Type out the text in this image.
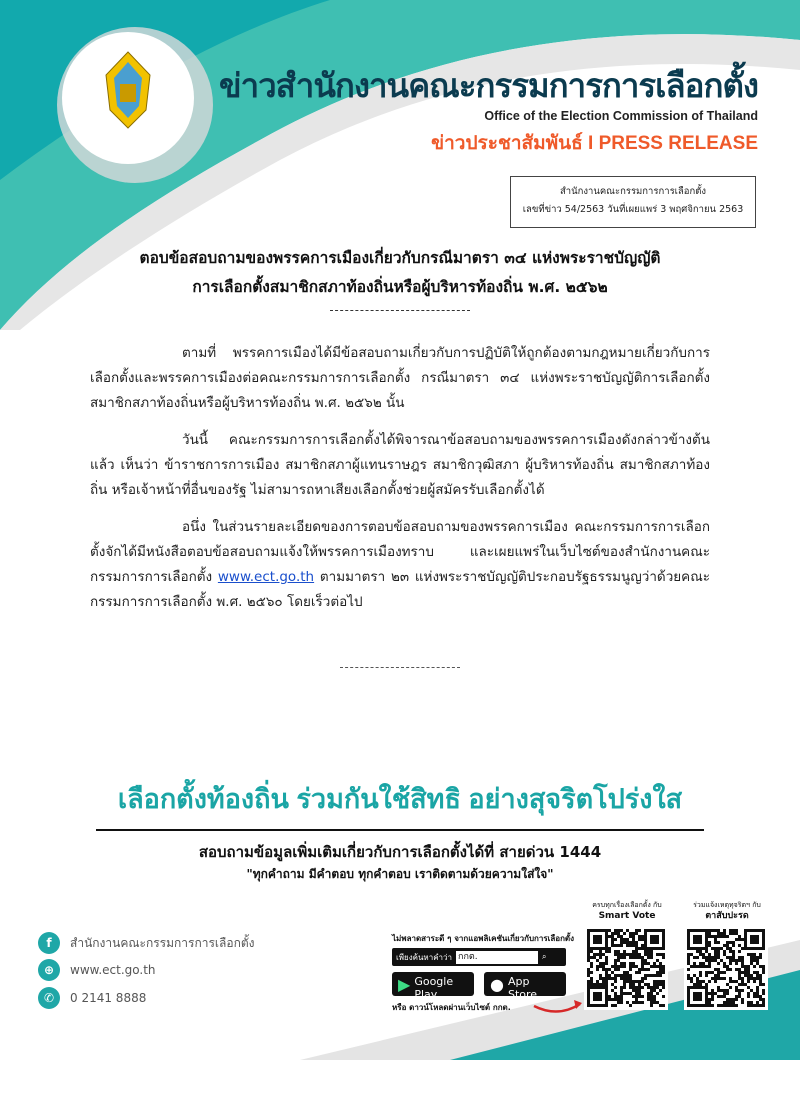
ข่าวสำนักงานคณะกรรมการการเลือกตั้ง
Office of the Election Commission of Thailand
ข่าวประชาสัมพันธ์ I PRESS RELEASE
สำนักงานคณะกรรมการการเลือกตั้ง
เลขที่ข่าว 54/2563 วันที่เผยแพร่ 3 พฤศจิกายน 2563
ตอบข้อสอบถามของพรรคการเมืองเกี่ยวกับกรณีมาตรา ๓๔ แห่งพระราชบัญญัติ
การเลือกตั้งสมาชิกสภาท้องถิ่นหรือผู้บริหารท้องถิ่น พ.ศ. ๒๕๖๒
ตามที่ พรรคการเมืองได้มีข้อสอบถามเกี่ยวกับการปฏิบัติให้ถูกต้องตามกฎหมายเกี่ยวกับการเลือกตั้งและพรรคการเมืองต่อคณะกรรมการการเลือกตั้ง กรณีมาตรา ๓๔ แห่งพระราชบัญญัติการเลือกตั้งสมาชิกสภาท้องถิ่นหรือผู้บริหารท้องถิ่น พ.ศ. ๒๕๖๒ นั้น
วันนี้ คณะกรรมการการเลือกตั้งได้พิจารณาข้อสอบถามของพรรคการเมืองดังกล่าวข้างต้นแล้ว เห็นว่า ข้าราชการการเมือง สมาชิกสภาผู้แทนราษฎร สมาชิกวุฒิสภา ผู้บริหารท้องถิ่น สมาชิกสภาท้องถิ่น หรือเจ้าหน้าที่อื่นของรัฐ ไม่สามารถหาเสียงเลือกตั้งช่วยผู้สมัครรับเลือกตั้งได้
อนึ่ง ในส่วนรายละเอียดของการตอบข้อสอบถามของพรรคการเมือง คณะกรรมการการเลือกตั้งจักได้มีหนังสือตอบข้อสอบถามแจ้งให้พรรคการเมืองทราบ และเผยแพร่ในเว็บไซต์ของสำนักงานคณะกรรมการการเลือกตั้ง www.ect.go.th ตามมาตรา ๒๓ แห่งพระราชบัญญัติประกอบรัฐธรรมนูญว่าด้วยคณะกรรมการการเลือกตั้ง พ.ศ. ๒๕๖๐ โดยเร็วต่อไป
เลือกตั้งท้องถิ่น ร่วมกันใช้สิทธิ อย่างสุจริตโปร่งใส
สอบถามข้อมูลเพิ่มเติมเกี่ยวกับการเลือกตั้งได้ที่ สายด่วน 1444
"ทุกคำถาม มีคำตอบ ทุกคำตอบ เราติดตามด้วยความใส่ใจ"
f	สำนักงานคณะกรรมการการเลือกตั้ง
⊕	www.ect.go.th
✆	0 2141 8888
ไม่พลาดสาระดี ๆ จากแอพลิเคชันเกี่ยวกับการเลือกตั้ง
เพียงค้นหาคำว่า กกต.	⌕
▶
GET IT ON
Google Play
●
Download on the
App Store
หรือ ดาวน์โหลดผ่านเว็บไซต์ กกต.
ครบทุกเรื่องเลือกตั้ง กับ
Smart Vote
ร่วมแจ้งเหตุทุจริตฯ กับ
ตาสับปะรด
